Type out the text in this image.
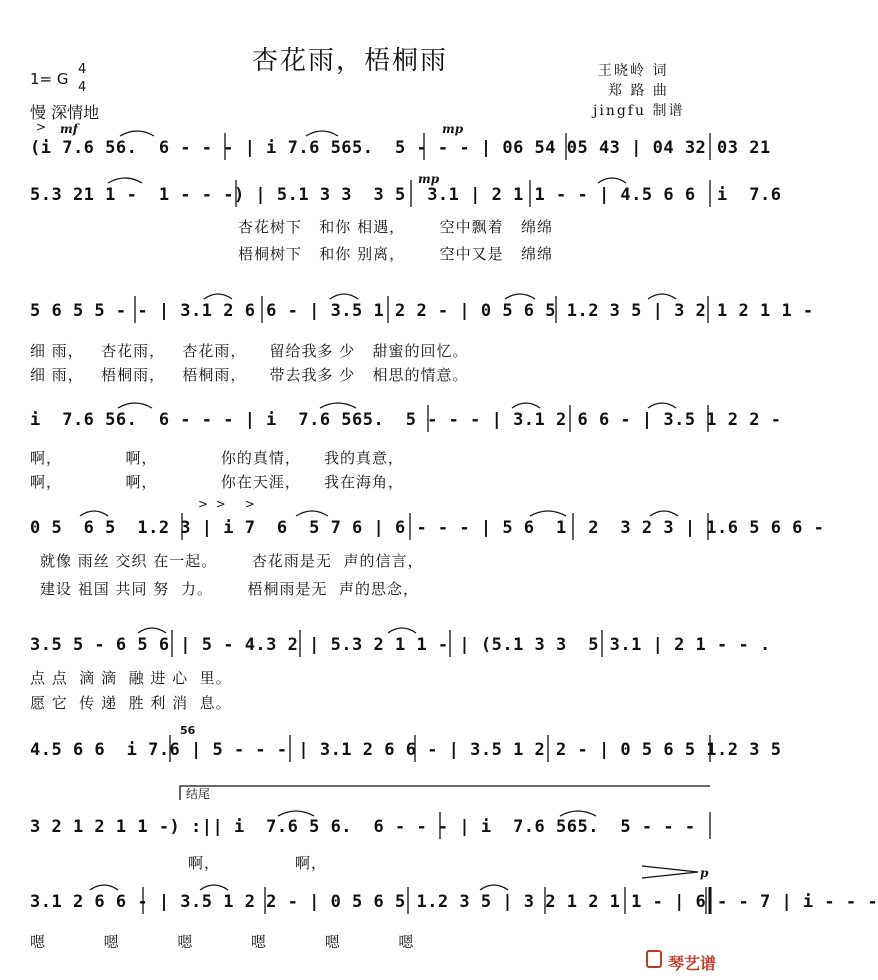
杏花雨，梧桐雨	王晓岭 词
郑 路 曲
jingfu 制谱
1= G
4
4
慢 深情地
> mf	mp
mp
>  >     >
p
(i 7.6 56.  6 - - - | i 7.6 565.  5 - - - | 06 54 05 43 | 04 32 03 21
5.3 21 1 -  1 - - -) | 5.1 3 3  3 5  3.1 | 2 1 1 - - | 4.5 6 6  i  7.6
杏花树下   和你 相遇，      空中飘着   绵绵
梧桐树下   和你 别离，      空中又是   绵绵
5 6 5 5 - - | 3.1 2 6 6 - | 3.5 1 2 2 - | 0 5 6 5 1.2 3 5 | 3 2 1 2 1 1 -
细 雨，   杏花雨，   杏花雨，    留给我多 少   甜蜜的回忆。
细 雨，   梧桐雨，   梧桐雨，    带去我多 少   相思的情意。
i  7.6 56.  6 - - - | i  7.6 565.  5 - - - | 3.1 2 6 6 - | 3.5 1 2 2 -
啊，           啊，           你的真情，    我的真意，
啊，           啊，           你在天涯，    我在海角，
0 5  6 5  1.2 3 | i 7  6  5 7 6 | 6 - - - | 5 6  1  2  3 2 3 | 1.6 5 6 6 -
就像 雨丝 交织 在一起。      杏花雨是无  声的信言，
建设 祖国 共同 努  力。      梧桐雨是无  声的思念，
3.5 5 - 6 5 6 | 5 - 4.3 2 | 5.3 2 1 1 - | (5.1 3 3  5 3.1 | 2 1 - - .
点 点  滴 滴  融 进 心  里。
愿 它  传 递  胜 利 消  息。
4.5 6 6  i 7.6 | 5 - - - | 3.1 2 6 6 - | 3.5 1 2 2 - | 0 5 6 5 1.2 3 5
56
结尾
3 2 1 2 1 1 -) :|| i  7.6 5 6.  6 - - - | i  7.6 565.  5 - - -
啊，             啊，
3.1 2 6 6 - | 3.5 1 2 2 - | 0 5 6 5 1.2 3 5 | 3 2 1 2 1 1 - | 6 - - 7 | i - - -
嗯          嗯          嗯          嗯          嗯          嗯
琴艺谱
